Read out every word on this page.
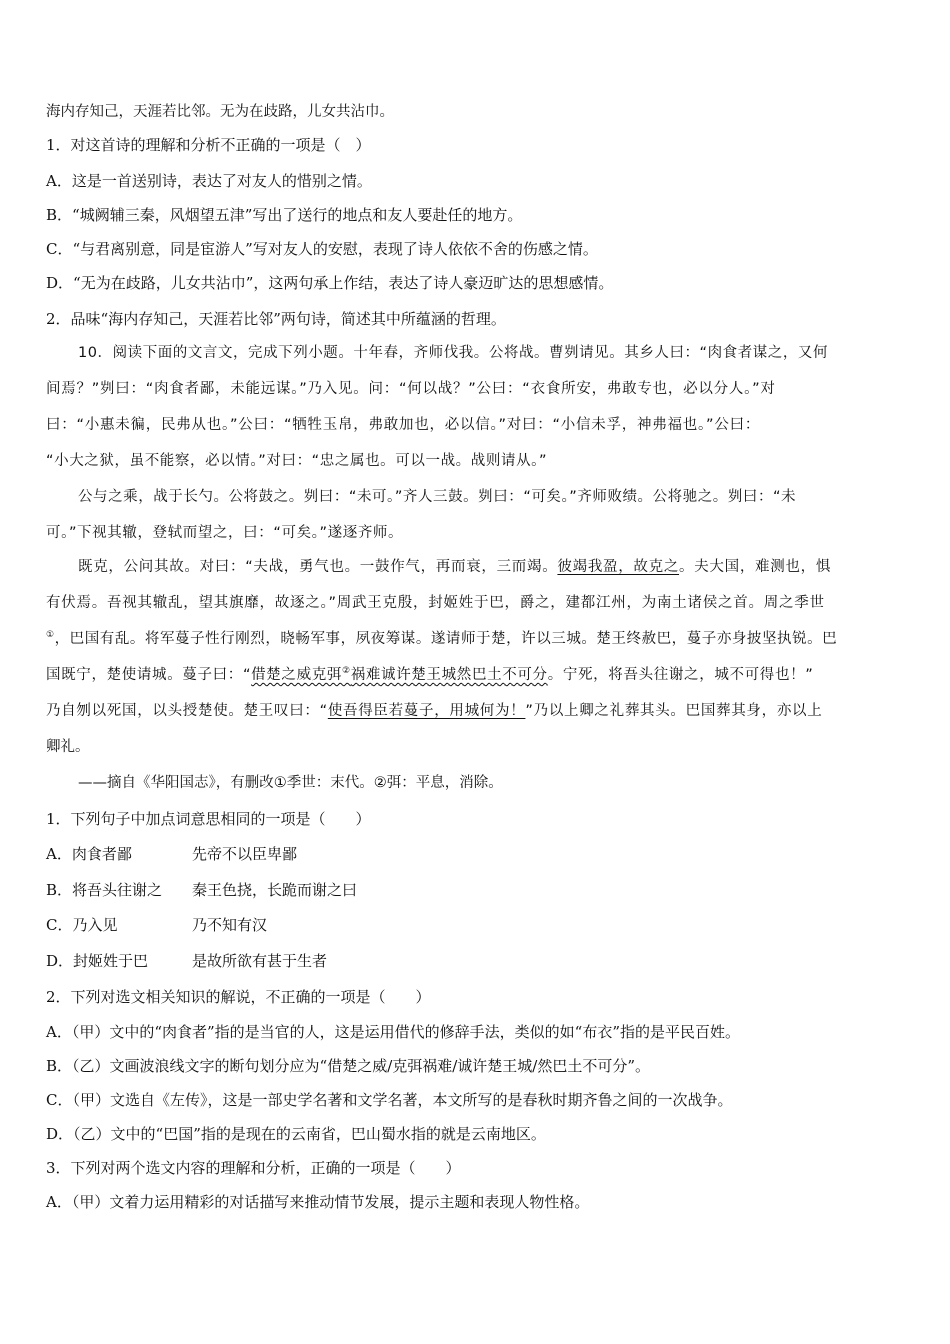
海内存知己，天涯若比邻。无为在歧路，儿女共沾巾。
1．对这首诗的理解和分析不正确的一项是（　）
A．这是一首送别诗，表达了对友人的惜别之情。
B．“城阙辅三秦，风烟望五津”写出了送行的地点和友人要赴任的地方。
C．“与君离别意，同是宦游人”写对友人的安慰，表现了诗人依依不舍的伤感之情。
D．“无为在歧路，儿女共沾巾”，这两句承上作结，表达了诗人豪迈旷达的思想感情。
2．品味“海内存知己，天涯若比邻”两句诗，简述其中所蕴涵的哲理。
10．阅读下面的文言文，完成下列小题。十年春，齐师伐我。公将战。曹刿请见。其乡人曰：“肉食者谋之，又何
间焉？”刿曰：“肉食者鄙，未能远谋。”乃入见。问：“何以战？”公曰：“衣食所安，弗敢专也，必以分人。”对
曰：“小惠未徧，民弗从也。”公曰：“牺牲玉帛，弗敢加也，必以信。”对曰：“小信未孚，神弗福也。”公曰：
“小大之狱，虽不能察，必以情。”对曰：“忠之属也。可以一战。战则请从。”
公与之乘，战于长勺。公将鼓之。刿曰：“未可。”齐人三鼓。刿曰：“可矣。”齐师败绩。公将驰之。刿曰：“未
可。”下视其辙，登轼而望之，曰：“可矣。”遂逐齐师。
既克，公问其故。对曰：“夫战，勇气也。一鼓作气，再而衰，三而竭。彼竭我盈，故克之。夫大国，难测也，惧
有伏焉。吾视其辙乱，望其旗靡，故逐之。”周武王克殷，封姬姓于巴，爵之，建都江州，为南土诸侯之首。周之季世
①，巴国有乱。将军蔓子性行刚烈，晓畅军事，夙夜筹谋。遂请师于楚，许以三城。楚王终赦巴，蔓子亦身披坚执锐。巴
国既宁，楚使请城。蔓子曰：“借楚之威克弭②祸难诚许楚王城然巴土不可分。宁死，将吾头往谢之，城不可得也！”
乃自刎以死国，以头授楚使。楚王叹曰：“使吾得臣若蔓子，用城何为！”乃以上卿之礼葬其头。巴国葬其身，亦以上
卿礼。
——摘自《华阳国志》，有删改①季世：末代。②弭：平息，消除。
1．下列句子中加点词意思相同的一项是（　　）
A．肉食者鄙	先帝不以臣卑鄙
B．将吾头往谢之 秦王色挠，长跪而谢之曰
C．乃入见	乃不知有汉
D．封姬姓于巴	是故所欲有甚于生者
2．下列对选文相关知识的解说，不正确的一项是（　　）
A．（甲）文中的“肉食者”指的是当官的人，这是运用借代的修辞手法，类似的如“布衣”指的是平民百姓。
B．（乙）文画波浪线文字的断句划分应为“借楚之威/克弭祸难/诚许楚王城/然巴土不可分”。
C．（甲）文选自《左传》，这是一部史学名著和文学名著，本文所写的是春秋时期齐鲁之间的一次战争。
D．（乙）文中的“巴国”指的是现在的云南省，巴山蜀水指的就是云南地区。
3．下列对两个选文内容的理解和分析，正确的一项是（　　）
A．（甲）文着力运用精彩的对话描写来推动情节发展，提示主题和表现人物性格。
